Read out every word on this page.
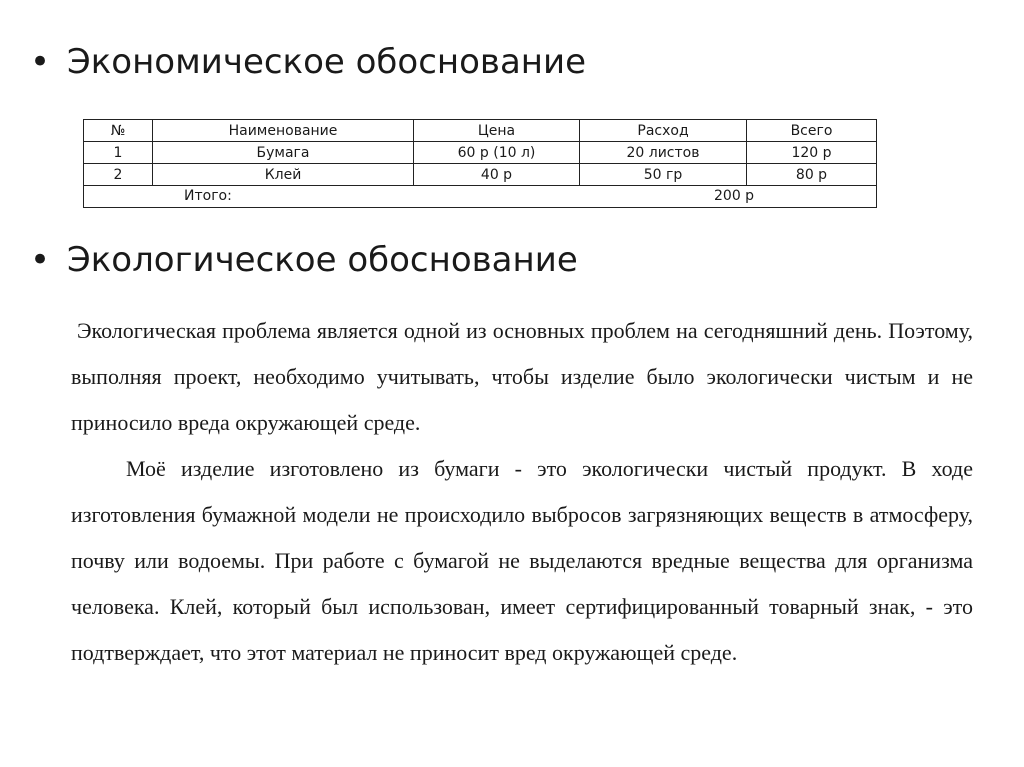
• Экономическое обоснование
№	Наименование	Цена	Расход	Всего
1	Бумага	60 р (10 л)	20 листов	120 р
2	Клей	40 р	50 гр	80 р

Итого: 200 р				
• Экологическое обоснование

Экологическая проблема является одной из основных проблем на сегодняшний день. Поэтому, выполняя проект, необходимо учитывать, чтобы изделие было экологически чистым и не приносило вреда окружающей среде.

Моё изделие изготовлено из бумаги - это экологически чистый продукт. В ходе изготовления бумажной модели не происходило выбросов загрязняющих веществ в атмосферу, почву или водоемы. При работе с бумагой не выделаются вредные вещества для организма человека. Клей, который был использован, имеет сертифицированный товарный знак, - это подтверждает, что этот материал не приносит вред окружающей среде.
